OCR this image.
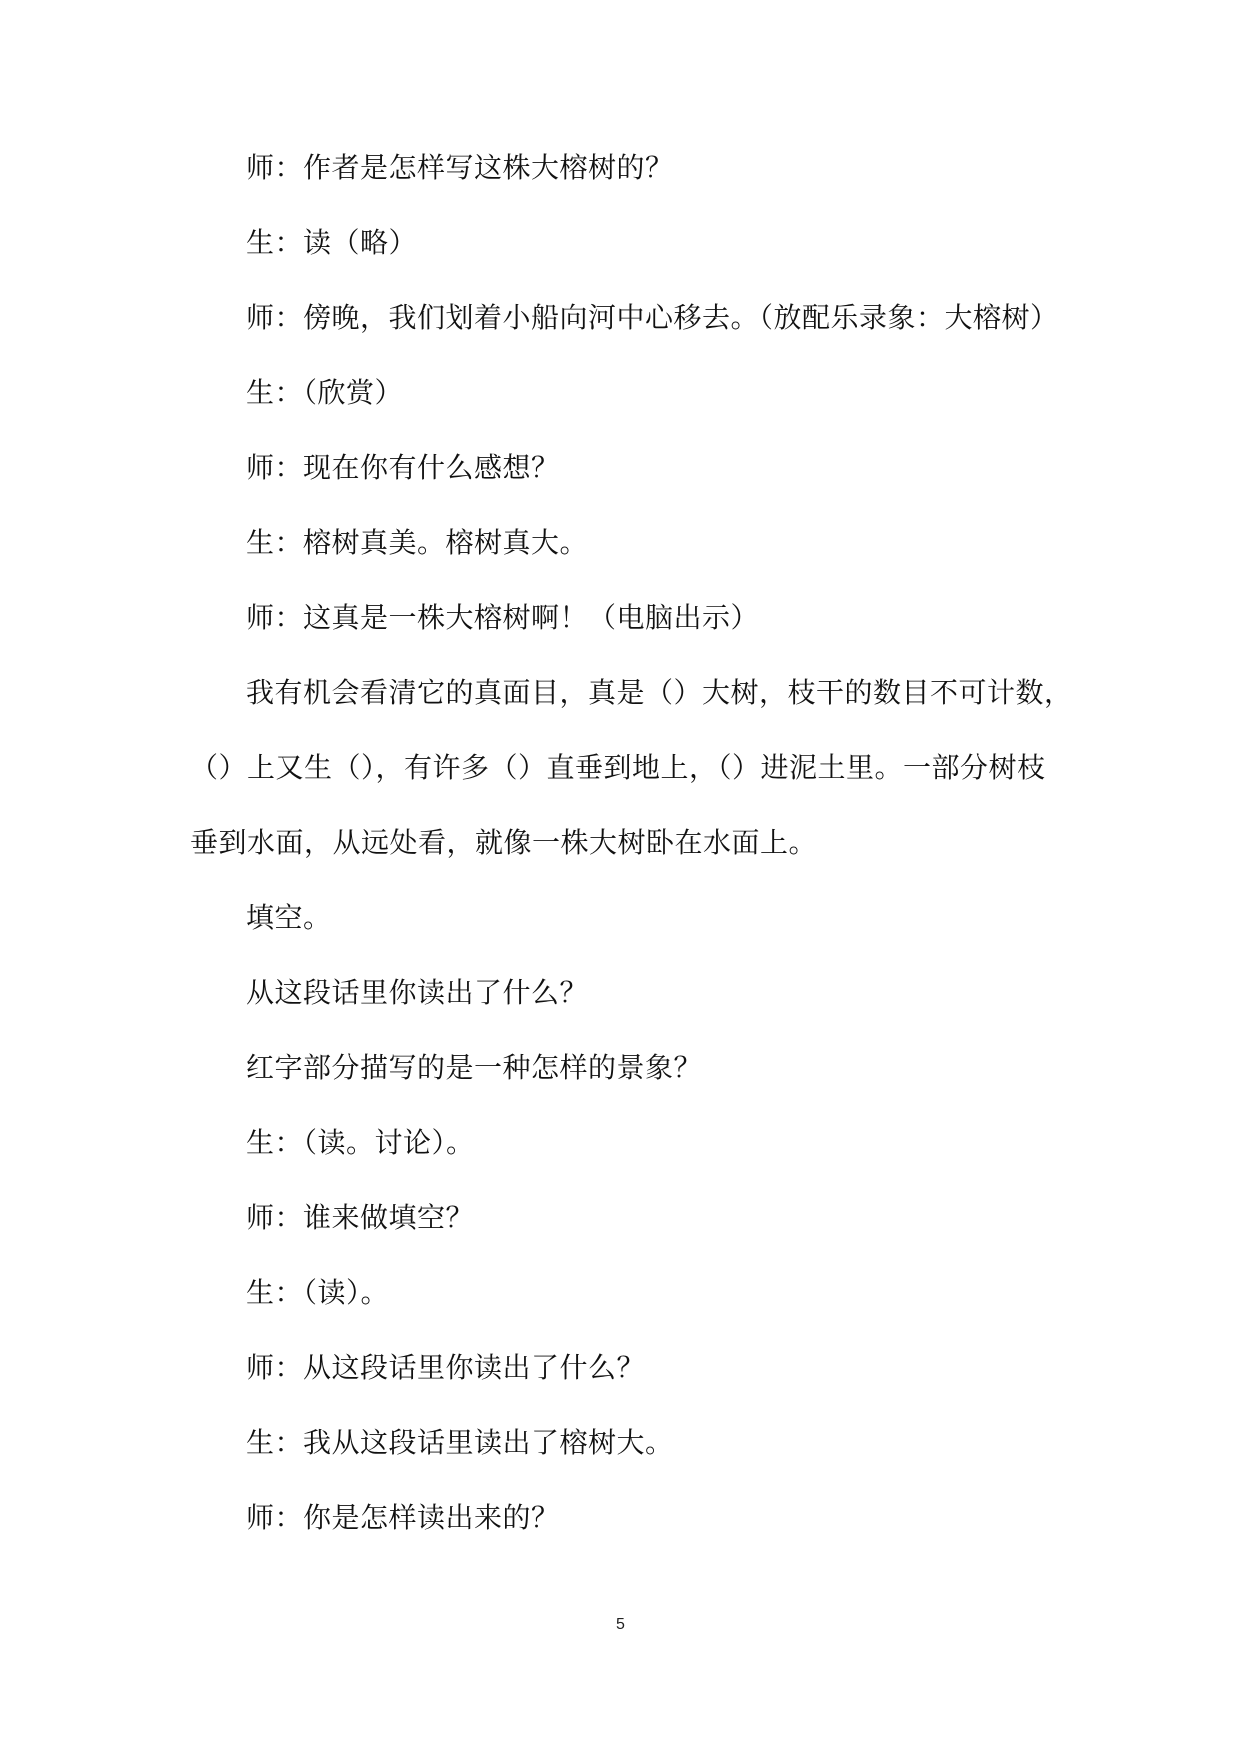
师：作者是怎样写这株大榕树的？
生：读（略）
师：傍晚，我们划着小船向河中心移去。（放配乐录象：大榕树）
生：（欣赏）
师：现在你有什么感想？
生：榕树真美。榕树真大。
师：这真是一株大榕树啊！（电脑出示）
我有机会看清它的真面目，真是（）大树，枝干的数目不可计数，
（）上又生（），有许多（）直垂到地上，（）进泥土里。一部分树枝
垂到水面，从远处看，就像一株大树卧在水面上。
填空。
从这段话里你读出了什么？
红字部分描写的是一种怎样的景象？
生：（读。讨论）。
师：谁来做填空？
生：（读）。
师：从这段话里你读出了什么？
生：我从这段话里读出了榕树大。
师：你是怎样读出来的？
5
